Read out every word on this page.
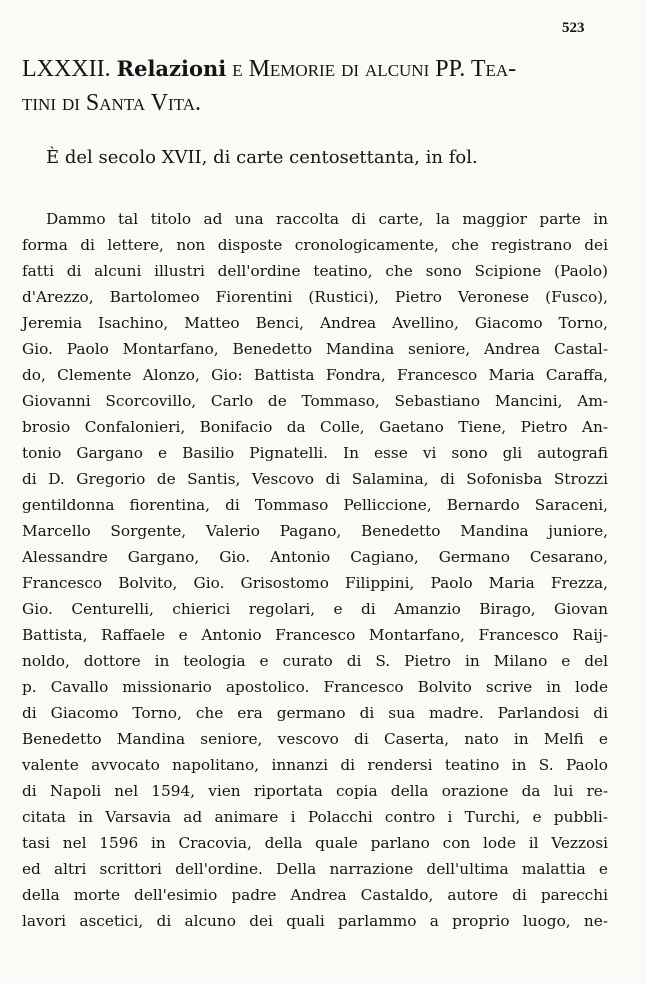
523
LXXXII. Relazioni e Memorie di alcuni PP. Tea-
tini di Santa Vita.
È del secolo XVII, di carte centosettanta, in fol.
Dammo tal titolo ad una raccolta di carte, la maggior parte in
forma di lettere, non disposte cronologicamente, che registrano dei
fatti di alcuni illustri dell'ordine teatino, che sono Scipione (Paolo)
d'Arezzo, Bartolomeo Fiorentini (Rustici), Pietro Veronese (Fusco),
Jeremia Isachino, Matteo Benci, Andrea Avellino, Giacomo Torno,
Gio. Paolo Montarfano, Benedetto Mandina seniore, Andrea Castal-
do, Clemente Alonzo, Gio: Battista Fondra, Francesco Maria Caraffa,
Giovanni Scorcovillo, Carlo de Tommaso, Sebastiano Mancini, Am-
brosio Confalonieri, Bonifacio da Colle, Gaetano Tiene, Pietro An-
tonio Gargano e Basilio Pignatelli. In esse vi sono gli autografi
di D. Gregorio de Santis, Vescovo di Salamina, di Sofonisba Strozzi
gentildonna fiorentina, di Tommaso Pelliccione, Bernardo Saraceni,
Marcello Sorgente, Valerio Pagano, Benedetto Mandina juniore,
Alessandre Gargano, Gio. Antonio Cagiano, Germano Cesarano,
Francesco Bolvito, Gio. Grisostomo Filippini, Paolo Maria Frezza,
Gio. Centurelli, chierici regolari, e di Amanzio Birago, Giovan
Battista, Raffaele e Antonio Francesco Montarfano, Francesco Raij-
noldo, dottore in teologia e curato di S. Pietro in Milano e del
p. Cavallo missionario apostolico. Francesco Bolvito scrive in lode
di Giacomo Torno, che era germano di sua madre. Parlandosi di
Benedetto Mandina seniore, vescovo di Caserta, nato in Melfi e
valente avvocato napolitano, innanzi di rendersi teatino in S. Paolo
di Napoli nel 1594, vien riportata copia della orazione da lui re-
citata in Varsavia ad animare i Polacchi contro i Turchi, e pubbli-
tasi nel 1596 in Cracovia, della quale parlano con lode il Vezzosi
ed altri scrittori dell'ordine. Della narrazione dell'ultima malattia e
della morte dell'esimio padre Andrea Castaldo, autore di parecchi
lavori ascetici, di alcuno dei quali parlammo a proprio luogo, ne-
